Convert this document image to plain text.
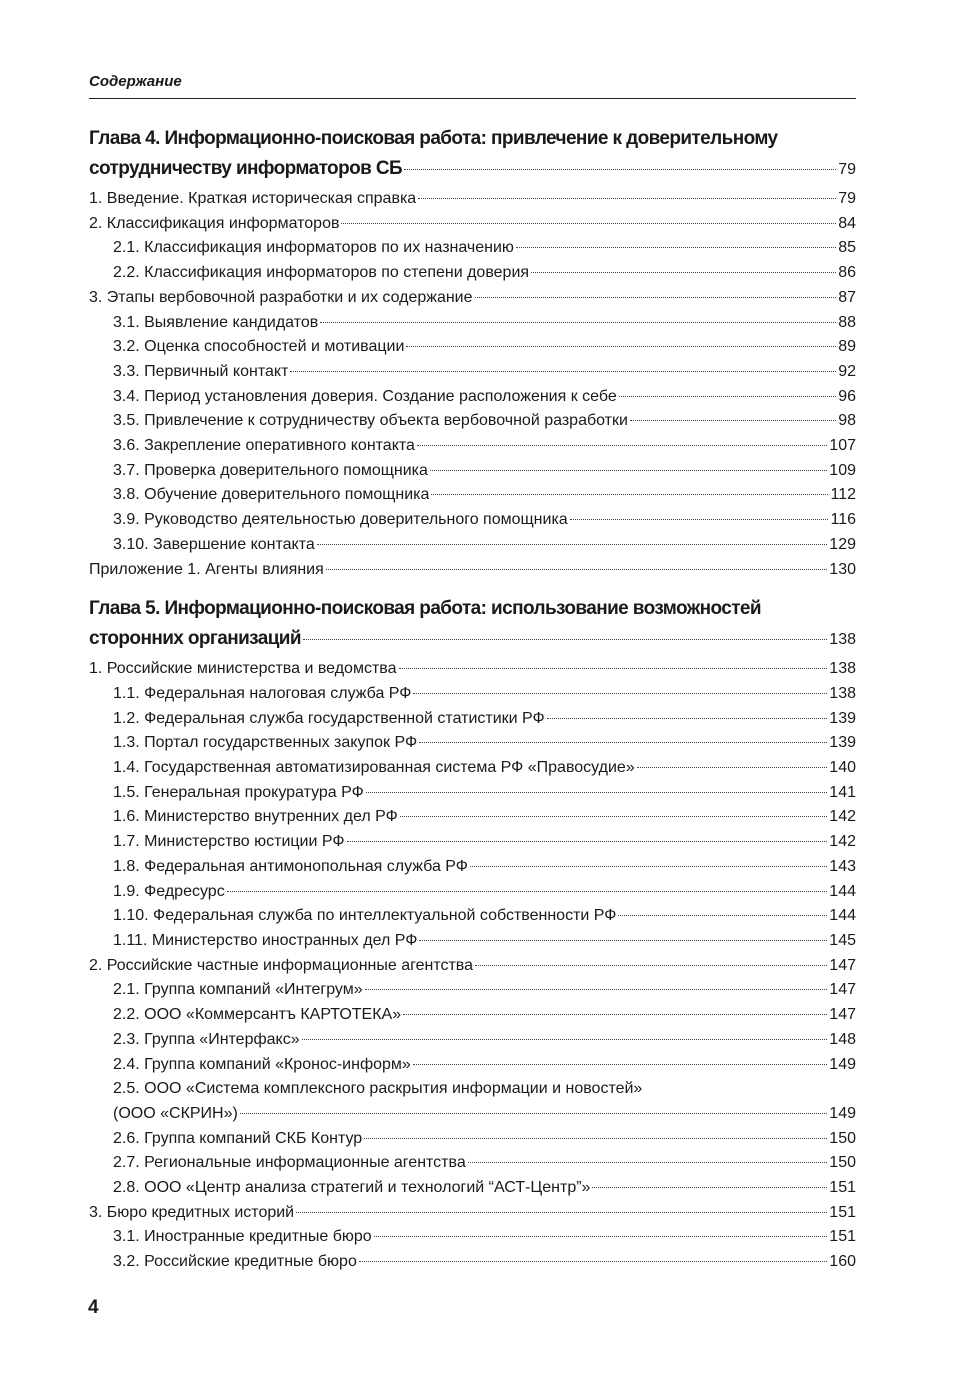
Содержание
Глава 4. Информационно-поисковая работа: привлечение к доверительному
сотрудничеству информаторов СБ	79
1. Введение. Краткая историческая справка	79
2. Классификация информаторов	84
2.1. Классификация информаторов по их назначению	85
2.2. Классификация информаторов по степени доверия	86
3. Этапы вербовочной разработки и их содержание	87
3.1. Выявление кандидатов	88
3.2. Оценка способностей и мотивации	89
3.3. Первичный контакт	92
3.4. Период установления доверия. Создание расположения к себе	96
3.5. Привлечение к сотрудничеству объекта вербовочной разработки	98
3.6. Закрепление оперативного контакта	107
3.7. Проверка доверительного помощника	109
3.8. Обучение доверительного помощника	112
3.9. Руководство деятельностью доверительного помощника	116
3.10. Завершение контакта	129
Приложение 1. Агенты влияния	130
Глава 5. Информационно-поисковая работа: использование возможностей
сторонних организаций	138
1. Российские министерства и ведомства	138
1.1. Федеральная налоговая служба РФ	138
1.2. Федеральная служба государственной статистики РФ	139
1.3. Портал государственных закупок РФ	139
1.4. Государственная автоматизированная система РФ «Правосудие»	140
1.5. Генеральная прокуратура РФ	141
1.6. Министерство внутренних дел РФ	142
1.7. Министерство юстиции РФ	142
1.8. Федеральная антимонопольная служба РФ	143
1.9. Федресурс	144
1.10. Федеральная служба по интеллектуальной собственности РФ	144
1.11. Министерство иностранных дел РФ	145
2. Российские частные информационные агентства	147
2.1. Группа компаний «Интегрум»	147
2.2. ООО «Коммерсантъ КАРТОТЕКА»	147
2.3. Группа «Интерфакс»	148
2.4. Группа компаний «Кронос-информ»	149
2.5. ООО «Система комплексного раскрытия информации и новостей»
(ООО «СКРИН»)	149
2.6. Группа компаний СКБ Контур	150
2.7. Региональные информационные агентства	150
2.8. ООО «Центр анализа стратегий и технологий “АСТ-Центр”»	151
3. Бюро кредитных историй	151
3.1. Иностранные кредитные бюро	151
3.2. Российские кредитные бюро	160
4
